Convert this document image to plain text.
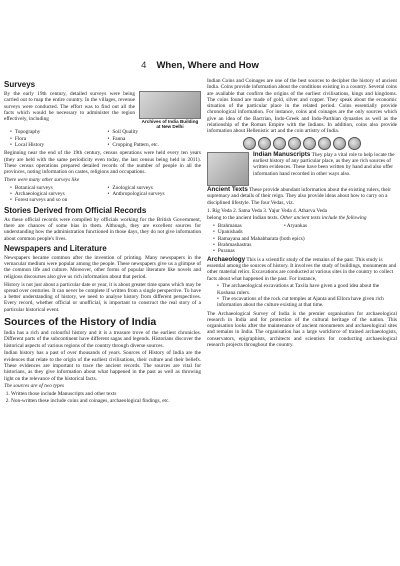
4 When, Where and How
Surveys
Archives of India Building at New Delhi

By the early 19th century, detailed surveys were being carried out to map the entire country. In the villages, revenue surveys were conducted. The effort was to find out all the facts which would be necessary to administer the region effectively, including

• Topography	• Soil Quality
• Flora	• Fauna
• Local History	• Cropping Pattern, etc.

Beginning near the end of the 19th century, census operations were held every ten years (they are held with the same periodicity even today, the last census being held in 2011). These census operations prepared detailed records of the number of people in all the provinces, noting information on castes, religions and occupations.

There were many other surveys like

• Botanical surveys	• Zoological surveys
• Archaeological surveys	• Anthropological surveys
• Forest surveys and so on
Stories Derived from Official Records

As these official records were compiled by officials working for the British Government, there are chances of some bias in them. Although, they are excellent sources for understanding how the administration functioned in those days, they do not give information about common people's lives.

Newspapers and Literature

Newspapers became common after the invention of printing. Many newspapers in the vernacular medium were popular among the people. These newspapers give us a glimpse of the common life and culture. Moreover, other forms of popular literature like novels and religious discourses also give us rich information about that period.

History is not just about a particular date or year, it is about greater time spans which may be spread over centuries. It can never be complete if written from a single perspective. To have a better understanding of history, we need to analyse history from different perspectives. Every record, whether official or unofficial, is important to construct the real story of a particular historical event.

Sources of the History of India

India has a rich and colourful history and it is a treasure trove of the earliest chronicles. Different parts of the subcontinent have different sagas and legends. Historians discover the historical aspects of various regions of the country through diverse sources.

Indian history has a past of over thousands of years. Sources of History of India are the evidences that relate to the origin of the earliest civilisations, their culture and their beliefs. These evidences are important to trace the ancient records. The sources are vital for historians, as they give information about what happened in the past as well as throwing light on the relevance of the historical facts.

The sources are of two types

1. Written those include Manuscripts and other texts
2. Non-written these include coins and coinages, archaeological findings, etc.

Indian Coins and Coinages are one of the best sources to decipher the history of ancient India. Coins provide information about the conditions existing in a country. Several coins are available that confirm the origins of the earliest civilisations, kings and kingdoms. The coins found are made of gold, silver and copper. They speak about the economic situation of the particular place in the related period. Coins essentially provide chronological information. For instance, coins and coinages are the only sources which give an idea of the Bactrian, Indo-Greek and Indo-Parthian dynasties as well as the relationship of the Roman Empire with the Indians. In addition, coins also provide information about Hellenistic art and the coin artistry of India.

Indian Manuscripts They play a vital role to help locate the earliest history of any particular place, as they are rich sources of written evidences. These have been written by hand and also offer information hand recorded in other ways also.

Ancient Texts These provide abundant information about the existing rulers, their supremacy and details of their reign. They also provide ideas about how to carry on a disciplined lifestyle. The four Vedas, viz.

1. Rig Veda 2. Sama Veda 3. Yajur Veda 4. Atharva Veda

belong to the ancient Indian texts. Other ancient texts include the following

• Brahmanas	• Aryankas
• Upanishads
• Ramayana and Mahabharata (both epics)
• Brahmashastras
• Puranas

Archaeology This is a scientific study of the remains of the past. This study is essential among the sources of history. It involves the study of buildings, monuments and other material relics. Excavations are conducted at various sites in the country to collect facts about what happened in the past. For instance,

• The archaeological excavations at Taxila have given a good idea about the Kushana rulers.
• The excavations of the rock cut temples at Ajanta and Ellora have given rich information about the culture existing at that time.

The Archaeological Survey of India is the premier organisation for archaeological research in India and for protection of the cultural heritage of the nation. This organisation looks after the maintenance of ancient monuments and archaeological sites and remains in India. The organisation has a large workforce of trained archaeologists, conservators, epigraphists, architects and scientists for conducting archaeological research projects throughout the country.
